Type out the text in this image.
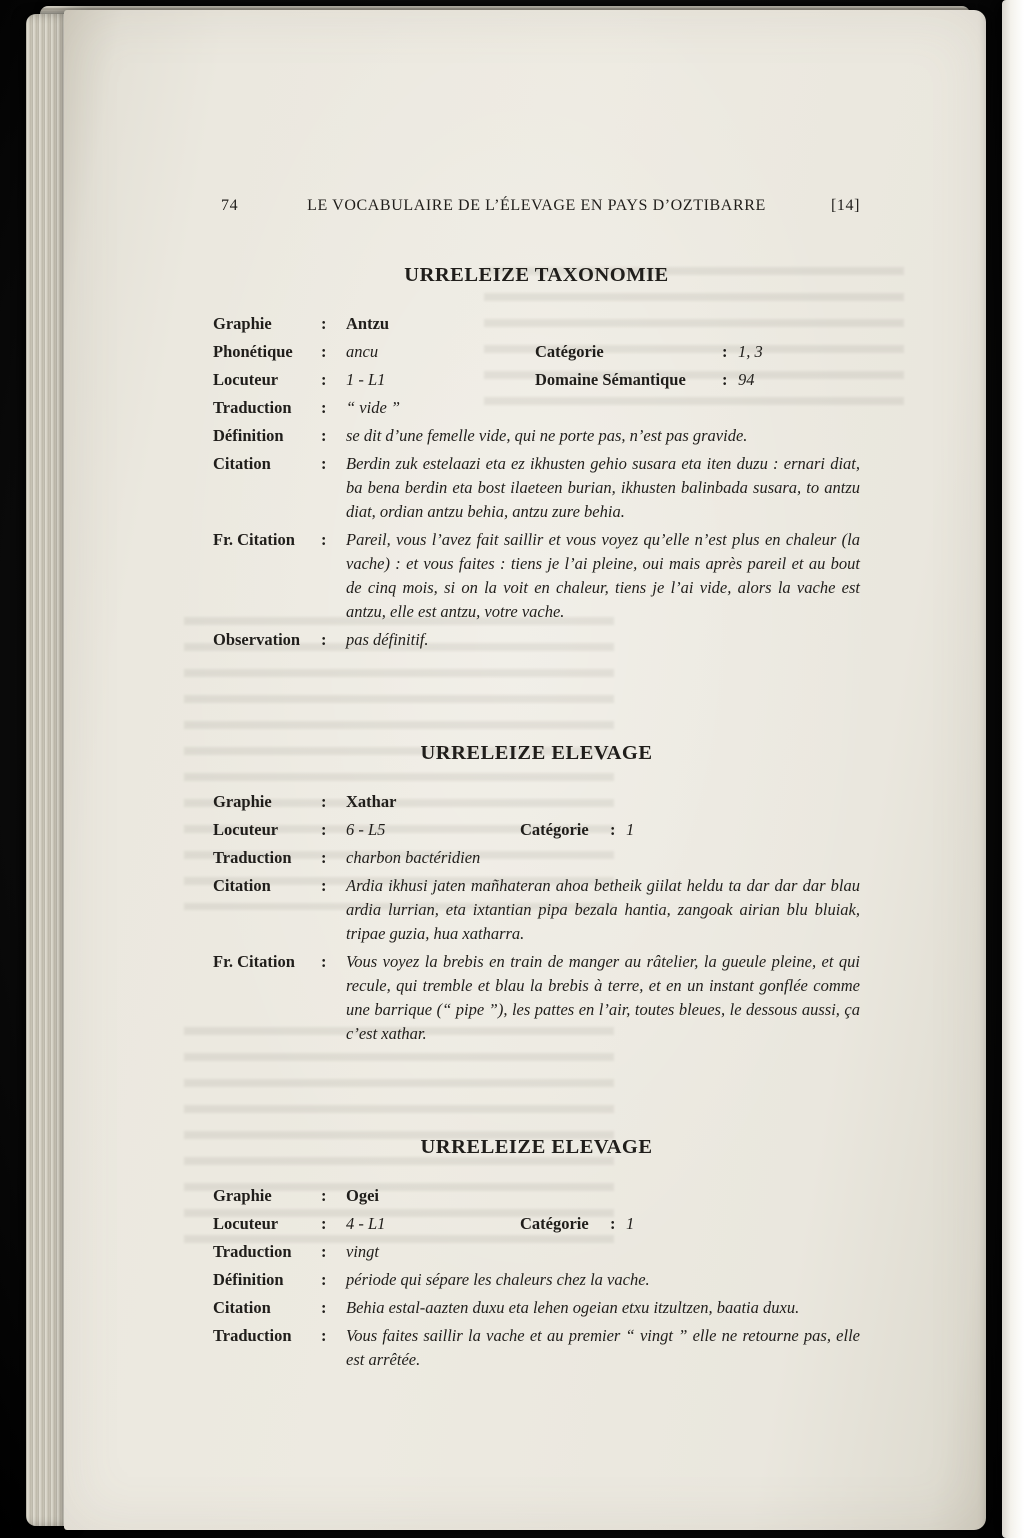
74	LE VOCABULAIRE DE L’ÉLEVAGE EN PAYS D’OZTIBARRE	[14]
URRELEIZE TAXONOMIE
Graphie	:	Antzu
Phonétique	:	ancu	Catégorie	: 1, 3
Locuteur	:	1 - L1	Domaine Sémantique	: 94
Traduction	:	“ vide ”
Définition	:	se dit d’une femelle vide, qui ne porte pas, n’est pas gravide.
Citation	:	Berdin zuk estelaazi eta ez ikhusten gehio susara eta iten duzu : ernari diat, ba bena berdin eta bost ilaeteen burian, ikhusten balinbada susara, to antzu diat, ordian antzu behia, antzu zure behia.
Fr. Citation	:	Pareil, vous l’avez fait saillir et vous voyez qu’elle n’est plus en chaleur (la vache) : et vous faites : tiens je l’ai pleine, oui mais après pareil et au bout de cinq mois, si on la voit en chaleur, tiens je l’ai vide, alors la vache est antzu, elle est antzu, votre vache.
Observation	:	pas définitif.
URRELEIZE ELEVAGE
Graphie	:	Xathar
Locuteur	:	6 - L5	Catégorie	: 1
Traduction	:	charbon bactéridien
Citation	:	Ardia ikhusi jaten mañhateran ahoa betheik giilat heldu ta dar dar dar blau ardia lurrian, eta ixtantian pipa bezala hantia, zangoak airian blu bluiak, tripae guzia, hua xatharra.
Fr. Citation	:	Vous voyez la brebis en train de manger au râtelier, la gueule pleine, et qui recule, qui tremble et blau la brebis à terre, et en un instant gonflée comme une barrique (“ pipe ”), les pattes en l’air, toutes bleues, le dessous aussi, ça c’est xathar.
URRELEIZE ELEVAGE
Graphie	:	Ogei
Locuteur	:	4 - L1	Catégorie	: 1
Traduction	:	vingt
Définition	:	période qui sépare les chaleurs chez la vache.
Citation	:	Behia estal-aazten duxu eta lehen ogeian etxu itzultzen, baatia duxu.
Traduction	:	Vous faites saillir la vache et au premier “ vingt ” elle ne retourne pas, elle est arrêtée.
